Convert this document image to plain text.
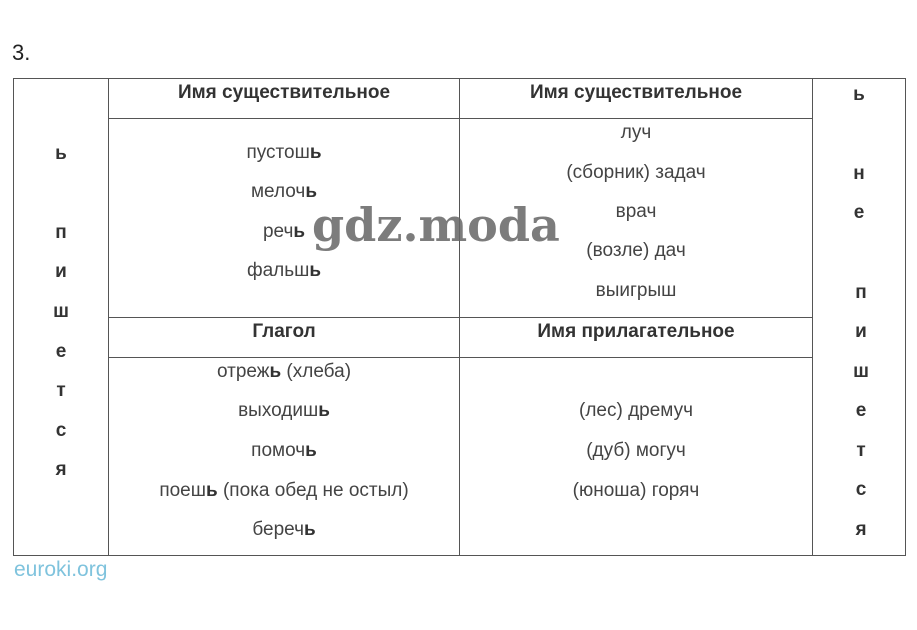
3.
Имя существительное	Имя существительное
Глагол	Имя прилагательное
ь
п
и
ш
е
т
с
я
ь
н
е
п
и
ш
е
т
с
я
пустошь
мелочь
речь
фальшь
луч
(сборник) задач
врач
(возле) дач
выигрыш
отрежь (хлеба)
выходишь
помочь
поешь (пока обед не остыл)
беречь
(лес) дремуч
(дуб) могуч
(юноша) горяч
gdz.moda
euroki.org
